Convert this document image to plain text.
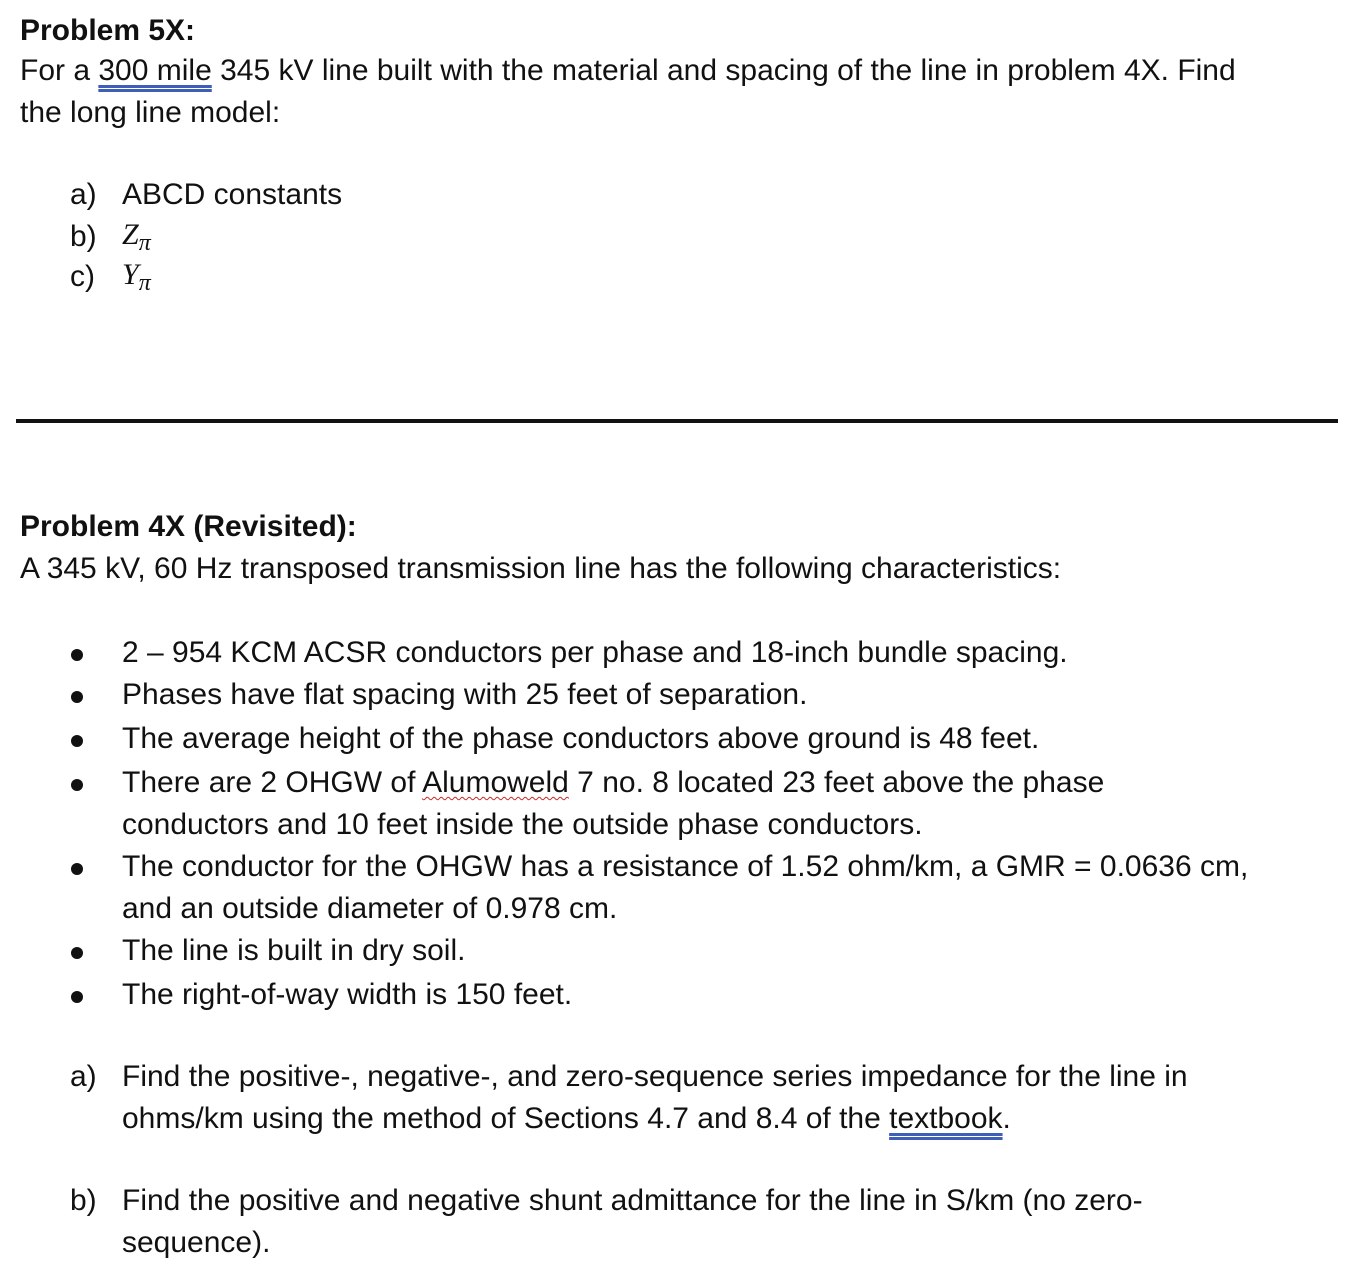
Problem 5X:
For a 300 mile 345 kV line built with the material and spacing of the line in problem 4X. Find
the long line model:
a) ABCD constants
b) $Z_\pi$
c) $Y_\pi$
Problem 4X (Revisited):
A 345 kV, 60 Hz transposed transmission line has the following characteristics:
2 – 954 KCM ACSR conductors per phase and 18-inch bundle spacing.
Phases have flat spacing with 25 feet of separation.
The average height of the phase conductors above ground is 48 feet.
There are 2 OHGW of Alumoweld 7 no. 8 located 23 feet above the phase
conductors and 10 feet inside the outside phase conductors.
The conductor for the OHGW has a resistance of 1.52 ohm/km, a GMR = 0.0636 cm,
and an outside diameter of 0.978 cm.
The line is built in dry soil.
The right-of-way width is 150 feet.
a) Find the positive-, negative-, and zero-sequence series impedance for the line in
ohms/km using the method of Sections 4.7 and 8.4 of the textbook.
b) Find the positive and negative shunt admittance for the line in S/km (no zero-
sequence).
